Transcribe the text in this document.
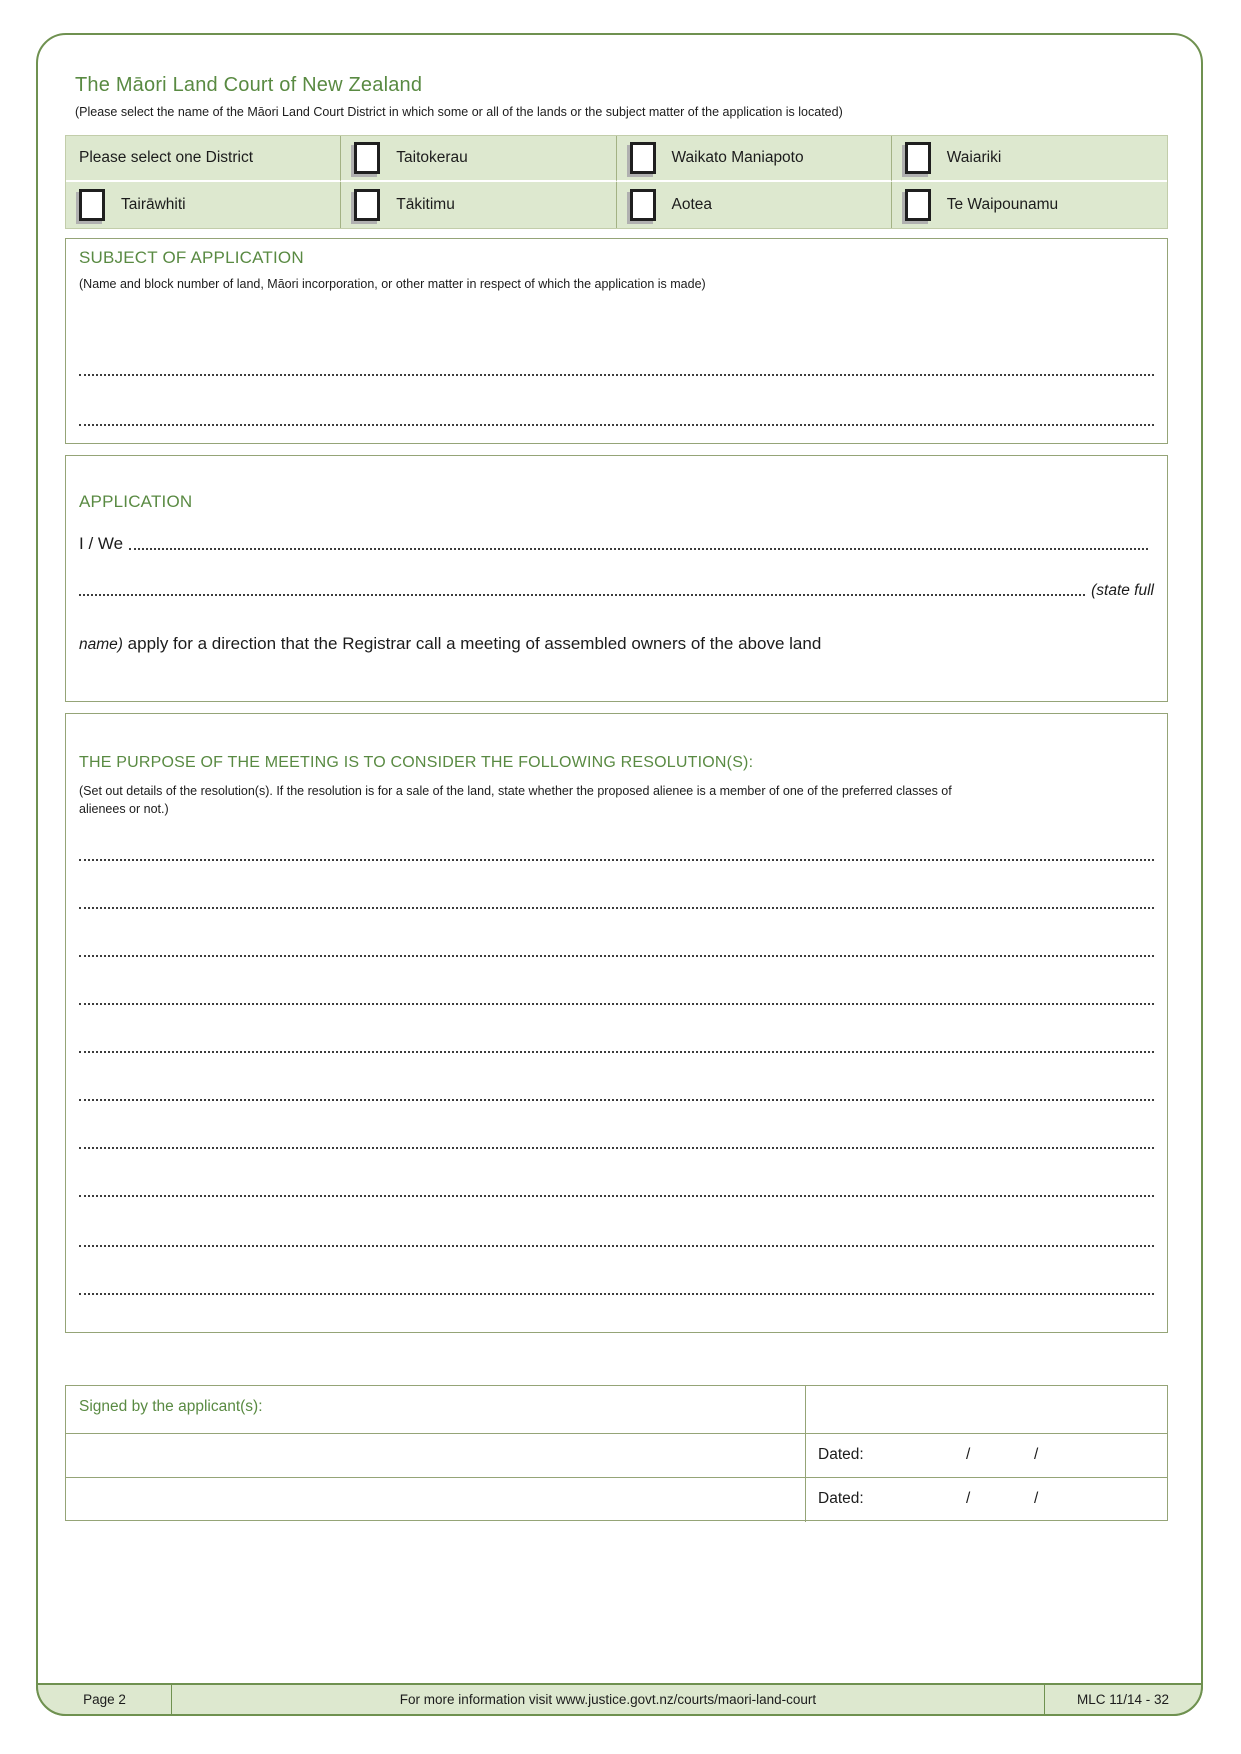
The Māori Land Court of New Zealand
(Please select the name of the Māori Land Court District in which some or all of the lands or the subject matter of the application is located)
Please select one District	Taitokerau	Waikato Maniapoto	Waiariki
Tairāwhiti	Tākitimu	Aotea	Te Waipounamu
SUBJECT OF APPLICATION
(Name and block number of land, Māori incorporation, or other matter in respect of which the application is made)
APPLICATION
I / We
(state full
name) apply for a direction that the Registrar call a meeting of assembled owners of the above land
THE PURPOSE OF THE MEETING IS TO CONSIDER THE FOLLOWING RESOLUTION(S):
(Set out details of the resolution(s). If the resolution is for a sale of the land, state whether the proposed alienee is a member of one of the preferred classes of alienees or not.)
Signed by the applicant(s):
Dated:	/	/
Dated:	/	/
Page 2	For more information visit www.justice.govt.nz/courts/maori-land-court	MLC 11/14 - 32
